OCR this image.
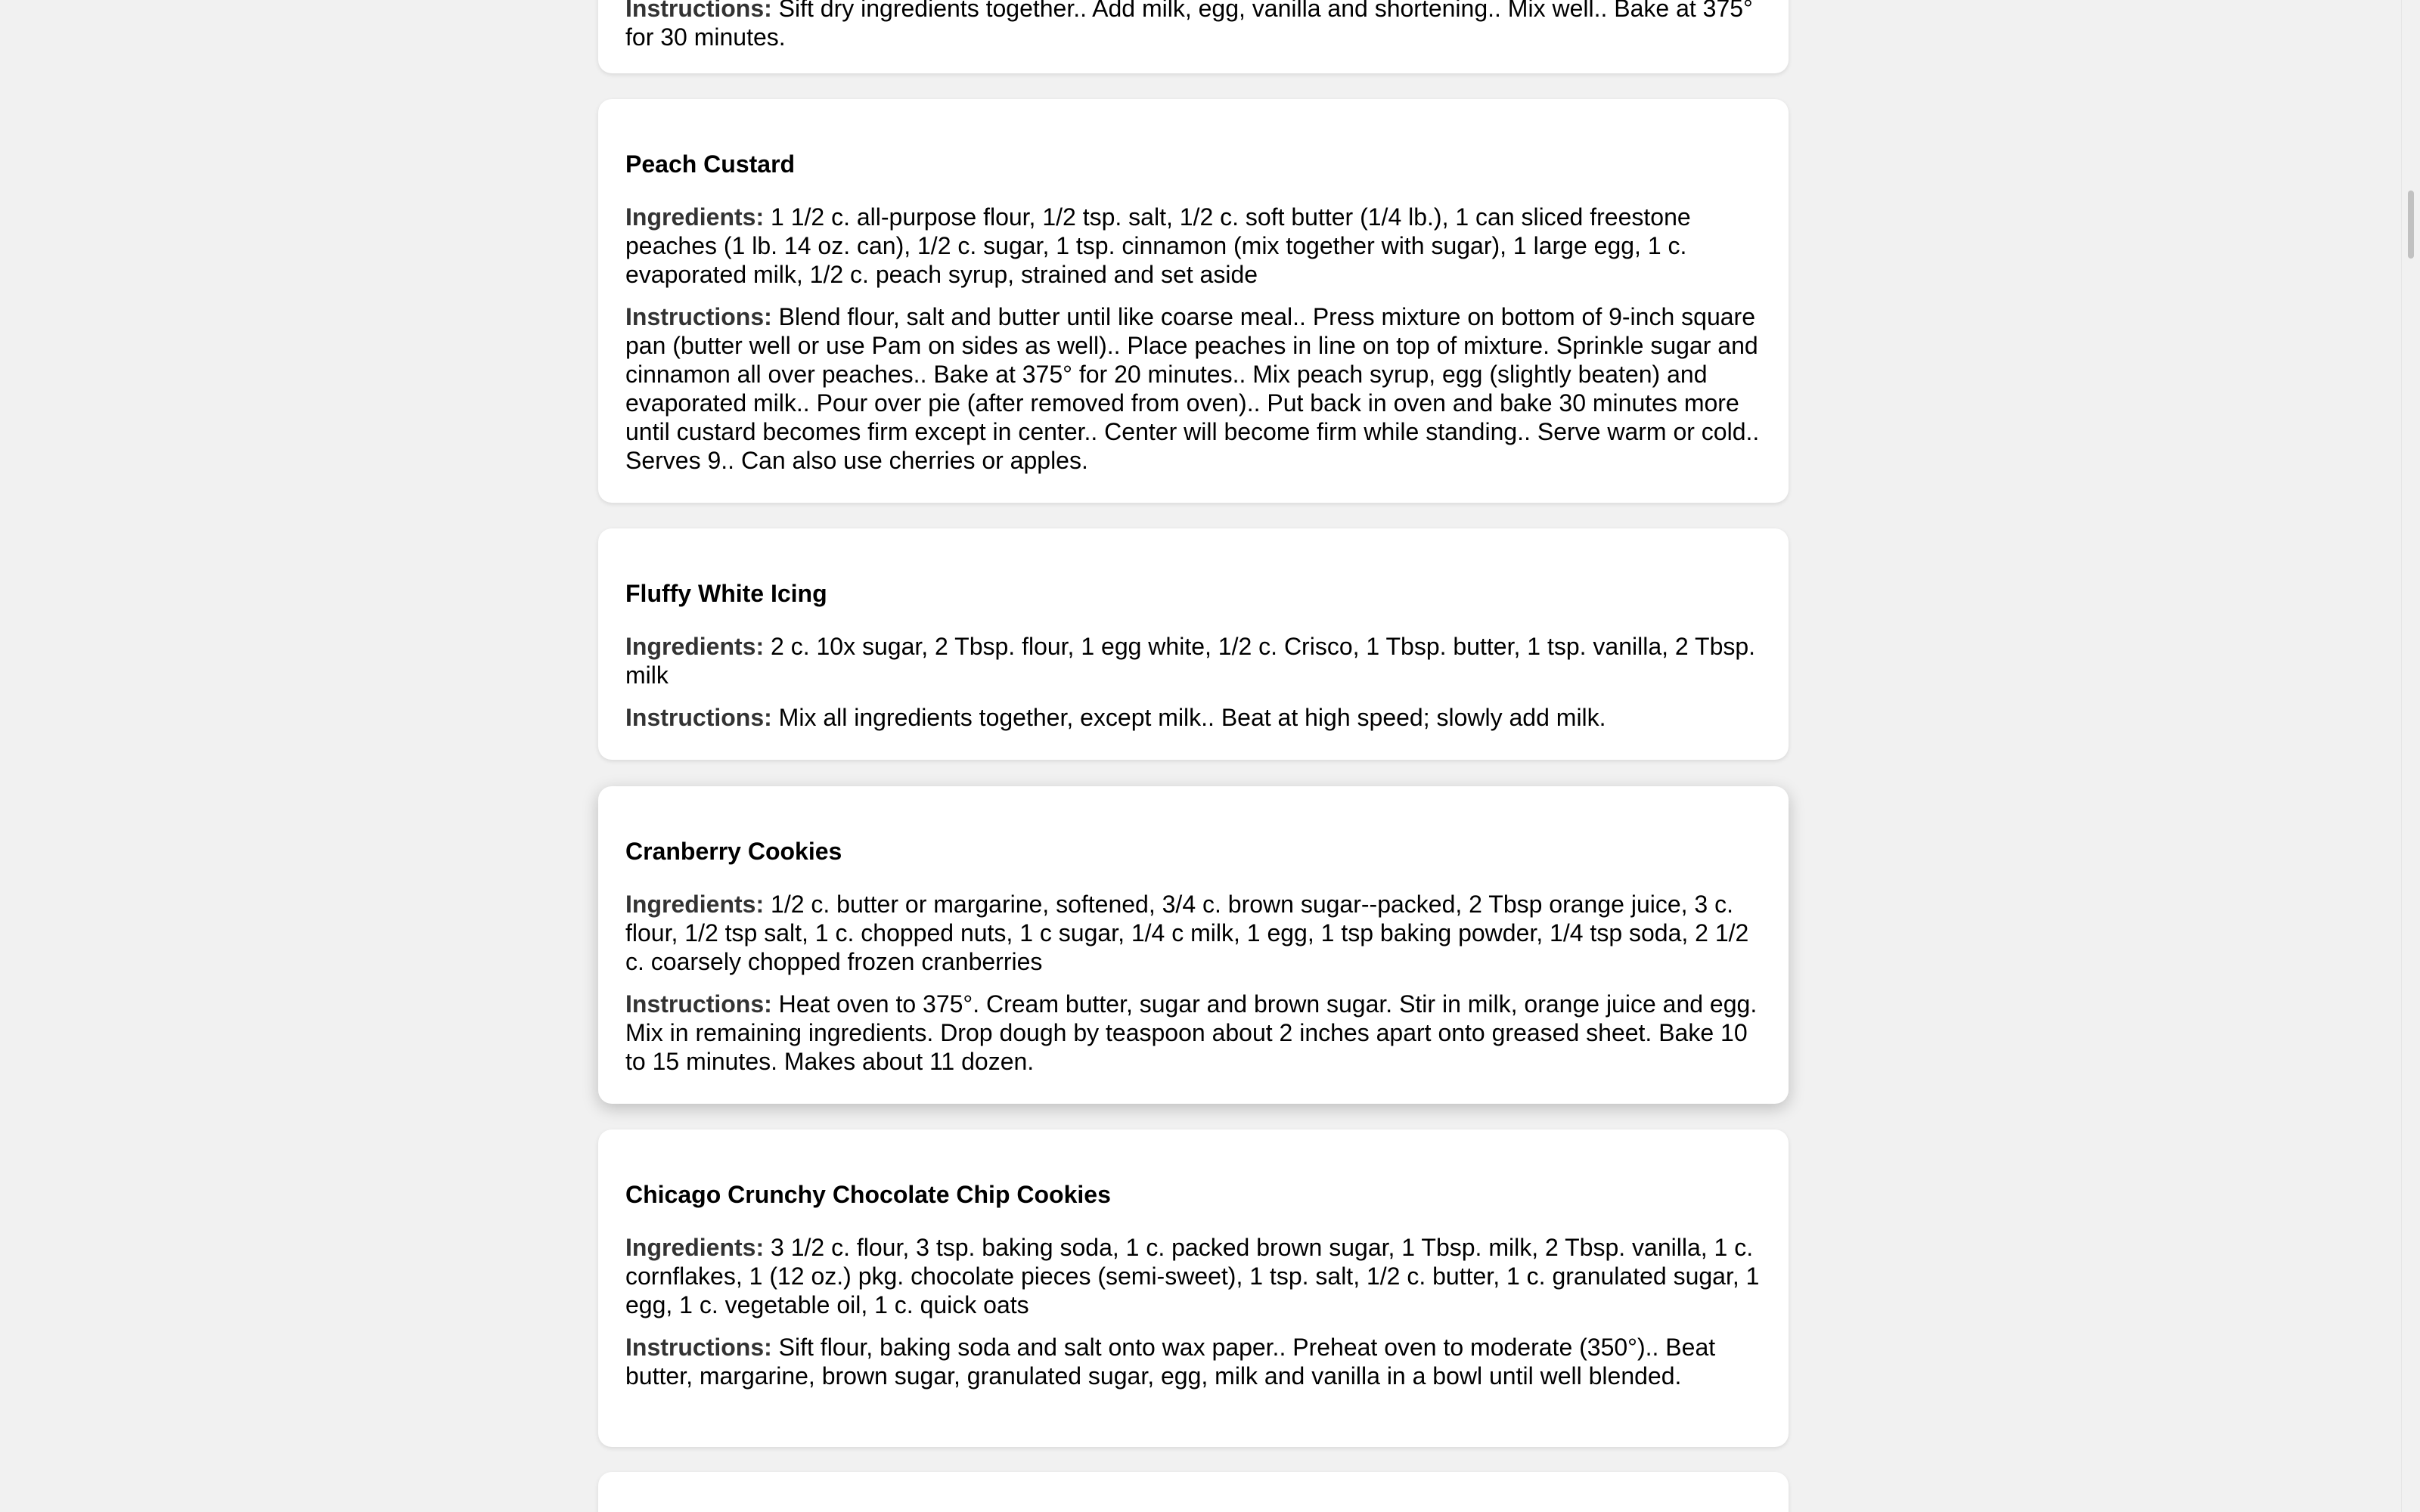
Instructions: Sift dry ingredients together.. Add milk, egg, vanilla and shortening.. Mix well.. Bake at 375° for 30 minutes.

Peach Custard

Ingredients: 1 1/2 c. all-purpose flour, 1/2 tsp. salt, 1/2 c. soft butter (1/4 lb.), 1 can sliced freestone peaches (1 lb. 14 oz. can), 1/2 c. sugar, 1 tsp. cinnamon (mix together with sugar), 1 large egg, 1 c. evaporated milk, 1/2 c. peach syrup, strained and set aside

Instructions: Blend flour, salt and butter until like coarse meal.. Press mixture on bottom of 9-inch square pan (butter well or use Pam on sides as well).. Place peaches in line on top of mixture. Sprinkle sugar and cinnamon all over peaches.. Bake at 375° for 20 minutes.. Mix peach syrup, egg (slightly beaten) and evaporated milk.. Pour over pie (after removed from oven).. Put back in oven and bake 30 minutes more until custard becomes firm except in center.. Center will become firm while standing.. Serve warm or cold.. Serves 9.. Can also use cherries or apples.

Fluffy White Icing

Ingredients: 2 c. 10x sugar, 2 Tbsp. flour, 1 egg white, 1/2 c. Crisco, 1 Tbsp. butter, 1 tsp. vanilla, 2 Tbsp. milk

Instructions: Mix all ingredients together, except milk.. Beat at high speed; slowly add milk.

Cranberry Cookies

Ingredients: 1/2 c. butter or margarine, softened, 3/4 c. brown sugar--packed, 2 Tbsp orange juice, 3 c. flour, 1/2 tsp salt, 1 c. chopped nuts, 1 c sugar, 1/4 c milk, 1 egg, 1 tsp baking powder, 1/4 tsp soda, 2 1/2 c. coarsely chopped frozen cranberries

Instructions: Heat oven to 375°. Cream butter, sugar and brown sugar. Stir in milk, orange juice and egg. Mix in remaining ingredients. Drop dough by teaspoon about 2 inches apart onto greased sheet. Bake 10 to 15 minutes. Makes about 11 dozen.

Chicago Crunchy Chocolate Chip Cookies

Ingredients: 3 1/2 c. flour, 3 tsp. baking soda, 1 c. packed brown sugar, 1 Tbsp. milk, 2 Tbsp. vanilla, 1 c. cornflakes, 1 (12 oz.) pkg. chocolate pieces (semi-sweet), 1 tsp. salt, 1/2 c. butter, 1 c. granulated sugar, 1 egg, 1 c. vegetable oil, 1 c. quick oats

Instructions: Sift flour, baking soda and salt onto wax paper.. Preheat oven to moderate (350°).. Beat butter, margarine, brown sugar, granulated sugar, egg, milk and vanilla in a bowl until well blended.
